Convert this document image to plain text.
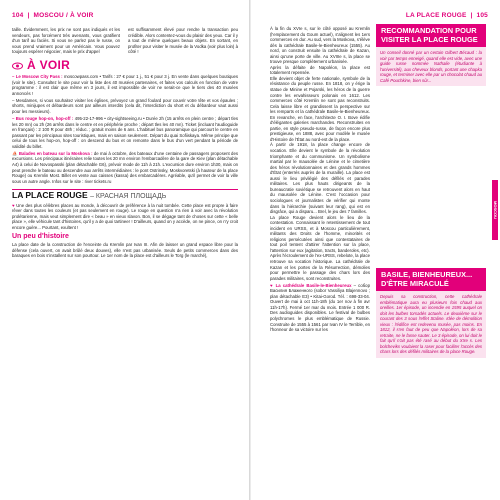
104 | MOSCOU / À VOIR

taille. Évidemment, les prix ne sont pas indiqués et les vendeurs, pas forcément très avenants, vous gratifient d'un tarif au faciès. Si vous ne parlez pas le russe, on vous prend vraiment pour un Américain. Vous pouvez toujours espérer négocier, mais le prix d'appel

est suffisamment élevé pour rendre la transaction peu crédible. Alors contentez-vous du plaisir des yeux. Car il y a tout de même quelques beaux objets. En sortant, en profiter pour visiter le musée de la Vodka (voir plus loin) à côté !

À VOIR

– Le Moscow City Pass : moscowpass.com • Tarifs : 27 € pour 1 j., 51 € pour 3 j. En vente dans quelques boutiques (voir le site). Consultez le site pour voir la liste des 40 musées partenaires, et faites vos calculs en fonction de votre programme : il est clair que même en 3 jours, il est impossible de voir ne serait-ce que le tiers des 40 musées annoncés !

– Mesdames, si vous souhaitez visiter les églises, prévoyez un grand foulard pour couvrir votre tête et vos épaules ; shorts, minijupes et débardeurs sont par ailleurs interdits (cela dit, l'interdiction du short et du débardeur vaut aussi pour les messieurs).

– Bus rouge hop-on, hop-off : 495-22-17-996 • city-sightseeing.ru • Durée 2h (15 arrêts en plein centre ; départ tles les 20 mn) ou 2h (26 arrêts dans le centre et en périphérie proche ; départ tles les 40 mn). Ticket (incluant l'audioguide en français) : 2 100 R pour 48h ; réduc. ; gratuit moins de 6 ans. L'habituel bus panoramique qui parcourt le centre en passant par les principaux sites touristiques, mais en saison seulement. Départ du quai Sofiiskaya. Même principe que celui de tous les hop-on, hop-off : on descend du bus et on remonte dans le bus d'un vert pendant la période de validité du billet.

⛵ Balades en bateau sur la Moskova : de mai à octobre, des bateaux d'une centaine de passagers proposent des excursions. Les principaux itinéraires relie toutes les 20 mn environ l'embarcadère de la gare de Kiev (plan détachable A4) à celui de Novospasski (plan détachable G6), prévoir mode de 11h à 21h. L'excursion dure environ 1h30, mais on peut prendre le bateau ou descendre aux arrêts intermédiaires : le pont Ostrinsky, Moskvoretski (à hauteur de la place Rouge) ou Kremlin Most. Billet en vente aux caisses (kassa) des embarcadères. Agréable, qu'il permet de voir la ville sous un autre angle. Infos sur le site : river tickets.ru

LA PLACE ROUGE – КРАСНАЯ ПЛОЩАДЬ

♥ Une des plus célèbres places au monde, à découvrir de préférence à la nuit tombée. Cette place est propre à faire rêver dans toutes les couleurs (et pas seulement en rouge). Le rouge en question n'a rien à voir avec la révolution prolétarienne, mais veut simplement dire « beau » en vieux slavon. Bon, il se dégage tant de choses sur cette « belle place », elle véhicule tant d'histoires, qu'il y a de quoi tartineer ! D'ailleurs, quand on y accède, on ne pince, on n'y croit encore guère... Pourtant, exultent !

Un peu d'histoire

La place date de la construction de l'enceinte du Kremlin par Ivan III. Afin de laisser un grand espace libre pour la défense (cela ouvert, on avait brûlé deux douves), elle n'est pas urbanisée. Seuls de petits commerces dans des baraques en bois s'installent sur son pourtour. Le 1er nom de la place est d'ailleurs le Torg (le marché),

LA PLACE ROUGE | 105

À la fin du XVIe s, sur le côté opposé au Kremlin (l'emplacement du Goum actuel), s'alignent les 1ers commerces en dur. Au sud, vers la Moskova, s'élève dès la cathédrale Basile-le-Bienheureux (1555). Au nord, on construit ensuite la cathédrale de Kazan, ainsi qu'une porte de ville. Au XVIIIe s, la place se trouve presque complètement urbanisée.
Après la défaite de Napoléon, la place est totalement repensée.
Elle devient objet de ferte nationale, symbole de la résistance du peuple russe. En 1818, on y érige la statue de Minine et Pojarski, les héros de la guerre contre les envahisseurs polonais en 1612. Les commerces côté Kremlin ne sont pas reconstruits. Cela laisse libre et grandissent la perspective sur les remparts et la cathédrale Basile-le-Bienheureux. En revanche, en face, l'architecte O. I. Bove édifie d'élégantes galeries marchandes. Reconstruites en partie, en style pseudo-russe, de façon encore plus prestigieuse, en 1888, avec pour modèle le musée d'Histoire de l'État au nord-est de la place.
À partir de 1918, la place change encore de vocation. Elle devient le symbole de la révolution triomphante et du communisme. Un symbolisme martial par le mausolée de Lénine et le cimetière des héros révolutionnaires et des grands hommes d'État (enterrés auprès de la muraille). La place est aussi le lieu privilégié des défilés et parades militaires. Les plus hauts dirigeants de la bureaucratie soviétique se retrouvent alors en haut du mausolée de Lénine. C'est l'occasion pour sociologues et journalistes de vérifier qui monte dans la hiérarchie (suivant leur rang), qui est en disgrâce, qui a disparu... Brel, le jeu des 7 familles.
La place Rouge devient alors le lieu de la contestation. Connaissant le retentissement de tout incident en URSS, et à Moscou particulièrement, militants des Droits de l'homme, minorités et religions persécutées ainsi que contestataires de tout poil tentent d'attirer l'attention sur la place, l'attention sur eux (agitation, tracts, banderoles, etc).
Après l'écroulement de l'ex-URSS, rebelote, la place retrouve sa vocation historique. La cathédrale de Kazan et les portes de la Résurrection, démolies pour permettre le passage des chars lors des parades militaires, sont reconstruites.

♥ La cathédrale Basile-le-Bienheureux – собор Василия Блаженного (sobor Vassiliya Blajennovo ; plan détachable E3) • Kitai-Gorod. Tél. : 698-33-04. Ouvert de mai à oct 11h-18h (du 1er nov à fin avr 11h-17h). Fermé 1er mar du mois. Entrée 1 000 R. Des audioguides disponibles. Le festival de bulbes polychromes le plus emblématique de Russie. Construite de 1555 à 1561 par Ivan IV le Terrible, en l'honneur de sa victoire sur les

RECOMMANDATION POUR VISITER LA PLACE ROUGE
Un conseil donné par un certain Gilbert Bécaud : la voir par temps enneigé, quand elle est vide, avec une guide russe nommée Nathalie (étudiante à l'université), aux cheveux blonds, portant une chapka rouge, et terminer avec elle par un chocolat chaud au Café Pouchkine, bien sûr...
BASILE, BIENHEUREUX... D'ÊTRE MIRACULÉ
Depuis sa construction, cette cathédrale emblématique aura eu plusieurs fois chaud aux oreilles. 1er épisode, un incendie en 1595 auquel on doit les bulbes torsadés actuels. Le deuxième sur le courant des 3 sous l'effet Staline. Idée de démolition vieux : l'édifice est redevenu musée, pas moins. En 1812, il s'en faut de peu que Napoléon, lors de sa retraite, ne le fasse sauter. Le 3 épisode, on lui doit le fait qu'il n'ait pas été rasé au début du XXe s. Les bolcheviks voulaient la raser pour faciliter l'accès des chars lors des défilés militaires de la place Rouge.
MOSCOU
